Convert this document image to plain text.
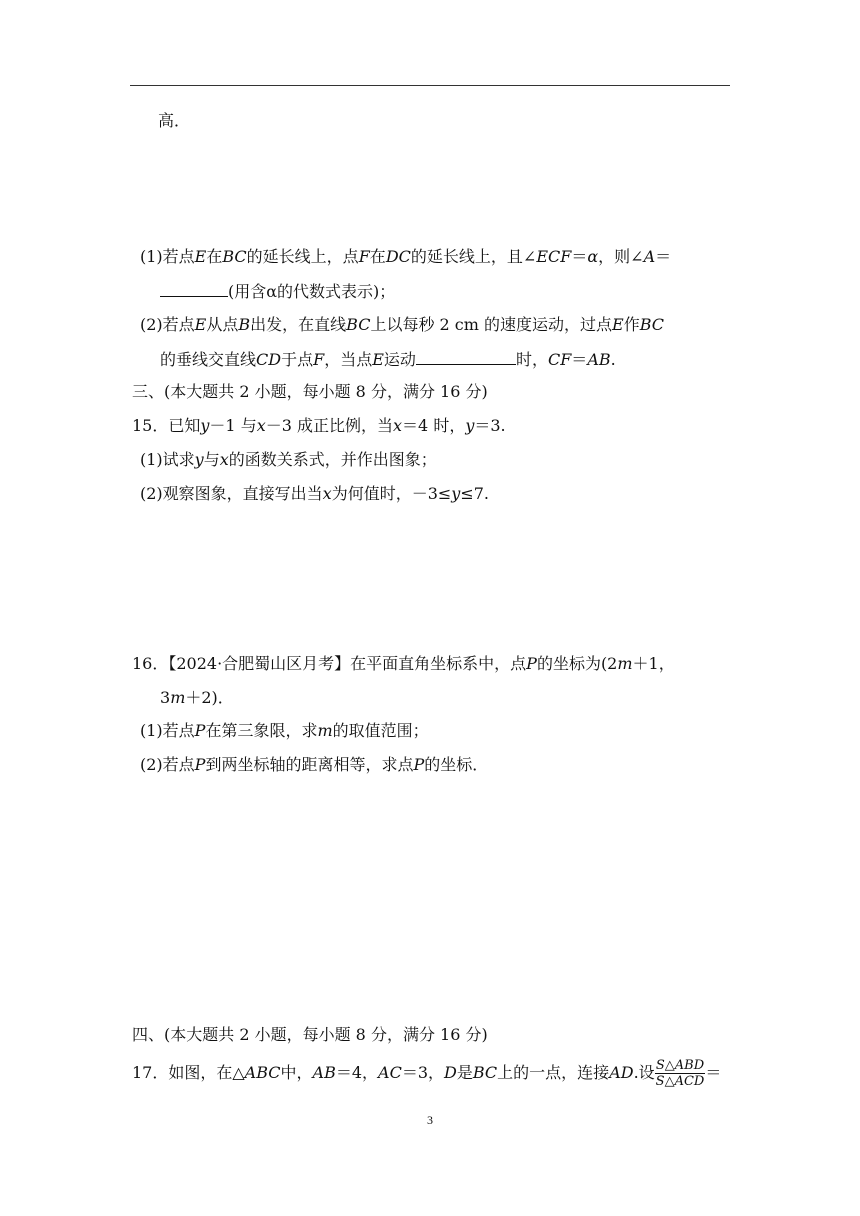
高．
(1)若点E在BC的延长线上，点F在DC的延长线上，且∠ECF＝α，则∠A＝
(用含α的代数式表示)；
(2)若点E从点B出发，在直线BC上以每秒 2 cm 的速度运动，过点E作BC
的垂线交直线CD于点F，当点E运动	时，CF＝AB.
三、(本大题共 2 小题，每小题 8 分，满分 16 分)
15．已知y－1 与x－3 成正比例，当x＝4 时，y＝3.
(1)试求y与x的函数关系式，并作出图象；
(2)观察图象，直接写出当x为何值时，－3≤y≤7.
16．【2024·合肥蜀山区月考】在平面直角坐标系中，点P的坐标为(2m＋1，
3m＋2)．
(1)若点P在第三象限，求m的取值范围；
(2)若点P到两坐标轴的距离相等，求点P的坐标．
四、(本大题共 2 小题，每小题 8 分，满分 16 分)
17．如图，在△ABC中，AB＝4，AC＝3，D是BC上的一点，连接AD.设 $\frac{\text{S△ABD}}{\text{S△ACD}}$ ＝
3
